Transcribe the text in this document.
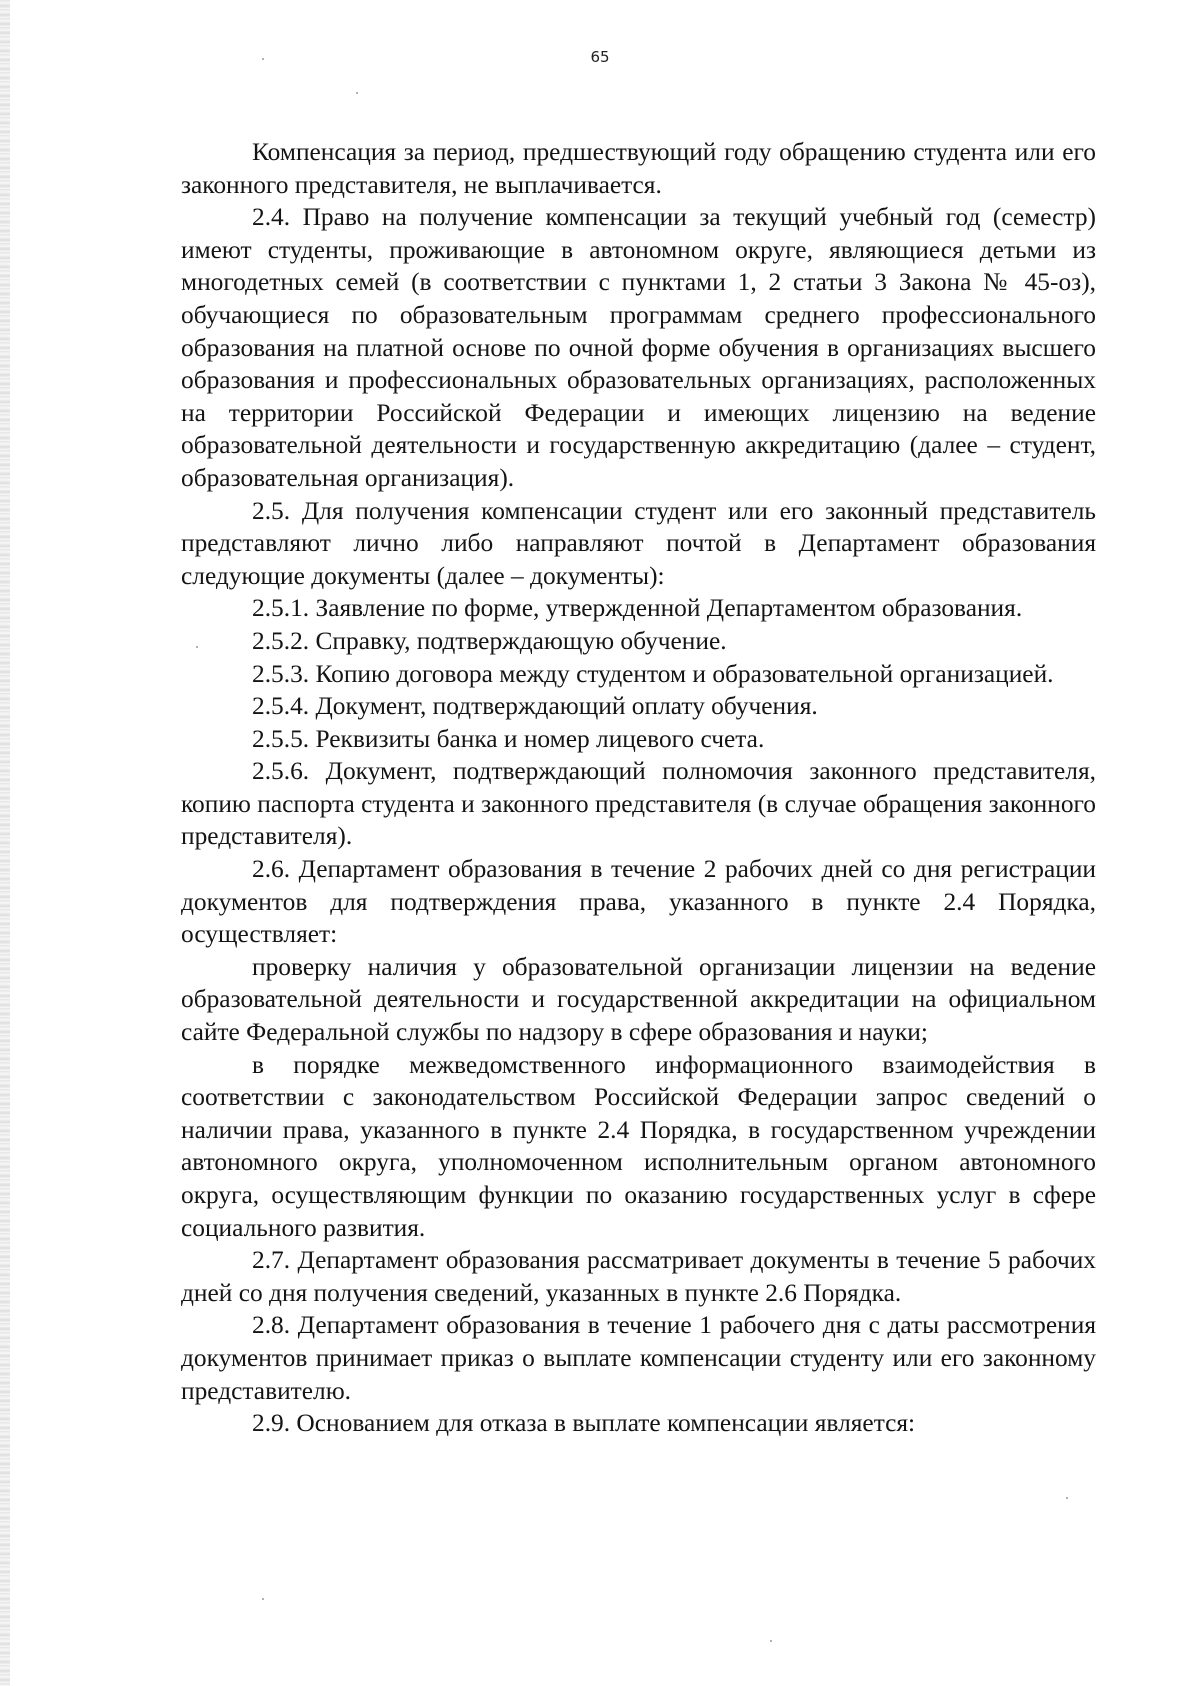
65

Компенсация за период, предшествующий году обращению студента или его законного представителя, не выплачивается.

2.4. Право на получение компенсации за текущий учебный год (семестр) имеют студенты, проживающие в автономном округе, являющиеся детьми из многодетных семей (в соответствии с пунктами 1, 2 статьи 3 Закона № 45-оз), обучающиеся по образовательным программам среднего профессионального образования на платной основе по очной форме обучения в организациях высшего образования и профессиональных образовательных организациях, расположенных на территории Российской Федерации и имеющих лицензию на ведение образовательной деятельности и государственную аккредитацию (далее – студент, образовательная организация).

2.5. Для получения компенсации студент или его законный представитель представляют лично либо направляют почтой в Департамент образования следующие документы (далее – документы):

2.5.1. Заявление по форме, утвержденной Департаментом образования.

2.5.2. Справку, подтверждающую обучение.

2.5.3. Копию договора между студентом и образовательной организацией.

2.5.4. Документ, подтверждающий оплату обучения.

2.5.5. Реквизиты банка и номер лицевого счета.

2.5.6. Документ, подтверждающий полномочия законного представителя, копию паспорта студента и законного представителя (в случае обращения законного представителя).

2.6. Департамент образования в течение 2 рабочих дней со дня регистрации документов для подтверждения права, указанного в пункте 2.4 Порядка, осуществляет:

проверку наличия у образовательной организации лицензии на ведение образовательной деятельности и государственной аккредитации на официальном сайте Федеральной службы по надзору в сфере образования и науки;

в порядке межведомственного информационного взаимодействия в соответствии с законодательством Российской Федерации запрос сведений о наличии права, указанного в пункте 2.4 Порядка, в государственном учреждении автономного округа, уполномоченном исполнительным органом автономного округа, осуществляющим функции по оказанию государственных услуг в сфере социального развития.

2.7. Департамент образования рассматривает документы в течение 5 рабочих дней со дня получения сведений, указанных в пункте 2.6 Порядка.

2.8. Департамент образования в течение 1 рабочего дня с даты рассмотрения документов принимает приказ о выплате компенсации студенту или его законному представителю.

2.9. Основанием для отказа в выплате компенсации является:
